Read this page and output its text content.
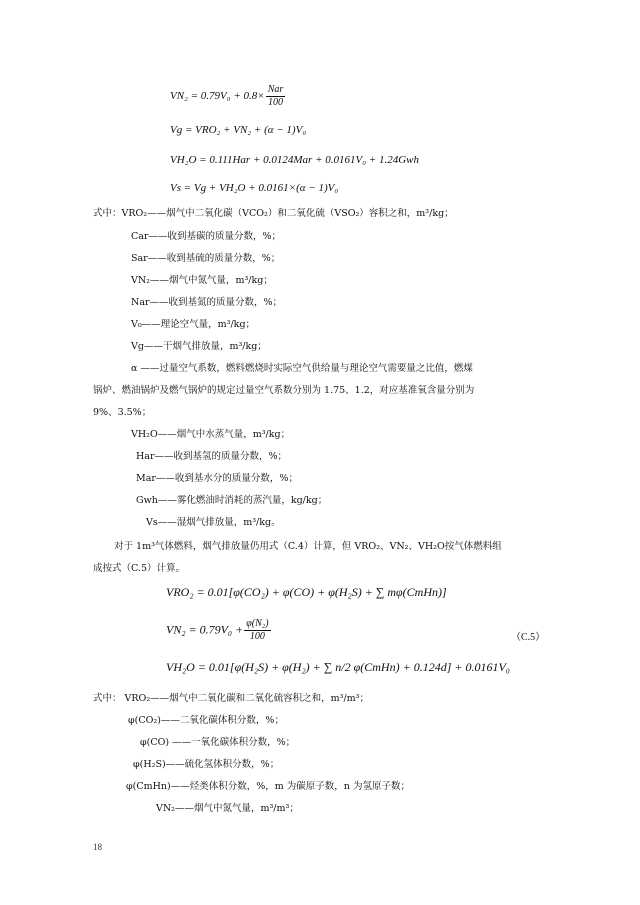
$VN_2 = 0.79V_0 + 0.8\times \frac{\text{Nar}}{100}$
Vg = VRO₂ + VN₂ + (α − 1)V₀
VH₂O = 0.111Har + 0.0124Mar + 0.0161V₀ + 1.24Gwh
Vs = Vg + VH₂O + 0.0161×(α − 1)V₀
式中：VRO₂——烟气中二氧化碳（VCO₂）和二氧化硫（VSO₂）容积之和，m³/kg；
Car——收到基碳的质量分数，%；
Sar——收到基硫的质量分数，%；
VN₂——烟气中氮气量，m³/kg；
Nar——收到基氮的质量分数，%；
V₀——理论空气量，m³/kg；
Vg——干烟气排放量，m³/kg；
α ——过量空气系数，燃料燃烧时实际空气供给量与理论空气需要量之比值，燃煤
锅炉、燃油锅炉及燃气锅炉的规定过量空气系数分别为 1.75、1.2，对应基准氧含量分别为
9%、3.5%；
VH₂O——烟气中水蒸气量，m³/kg；
Har——收到基氢的质量分数，%；
Mar——收到基水分的质量分数，%；
Gwh——雾化燃油时消耗的蒸汽量，kg/kg；
Vs——湿烟气排放量，m³/kg。
对于 1m³气体燃料，烟气排放量仍用式（C.4）计算，但 VRO₂、VN₂、VH₂O按气体燃料组
成按式（C.5）计算。
VRO₂ = 0.01[φ(CO₂) + φ(CO) + φ(H₂S) + ∑ mφ(CmHn)]
$VN_2 = 0.79V_0 + \frac{\text{φ(N₂)}}{100}$	（C.5）
VH₂O = 0.01[φ(H₂S) + φ(H₂) + ∑ n/2 φ(CmHn) + 0.124d] + 0.0161V₀
式中： VRO₂——烟气中二氧化碳和二氧化硫容积之和，m³/m³；
φ(CO₂)——二氧化碳体积分数，%；
φ(CO) ——一氧化碳体积分数，%；
φ(H₂S)——硫化氢体积分数，%；
φ(CmHn)——烃类体积分数，%，m 为碳原子数，n 为氢原子数；
VN₂——烟气中氮气量，m³/m³；
18
